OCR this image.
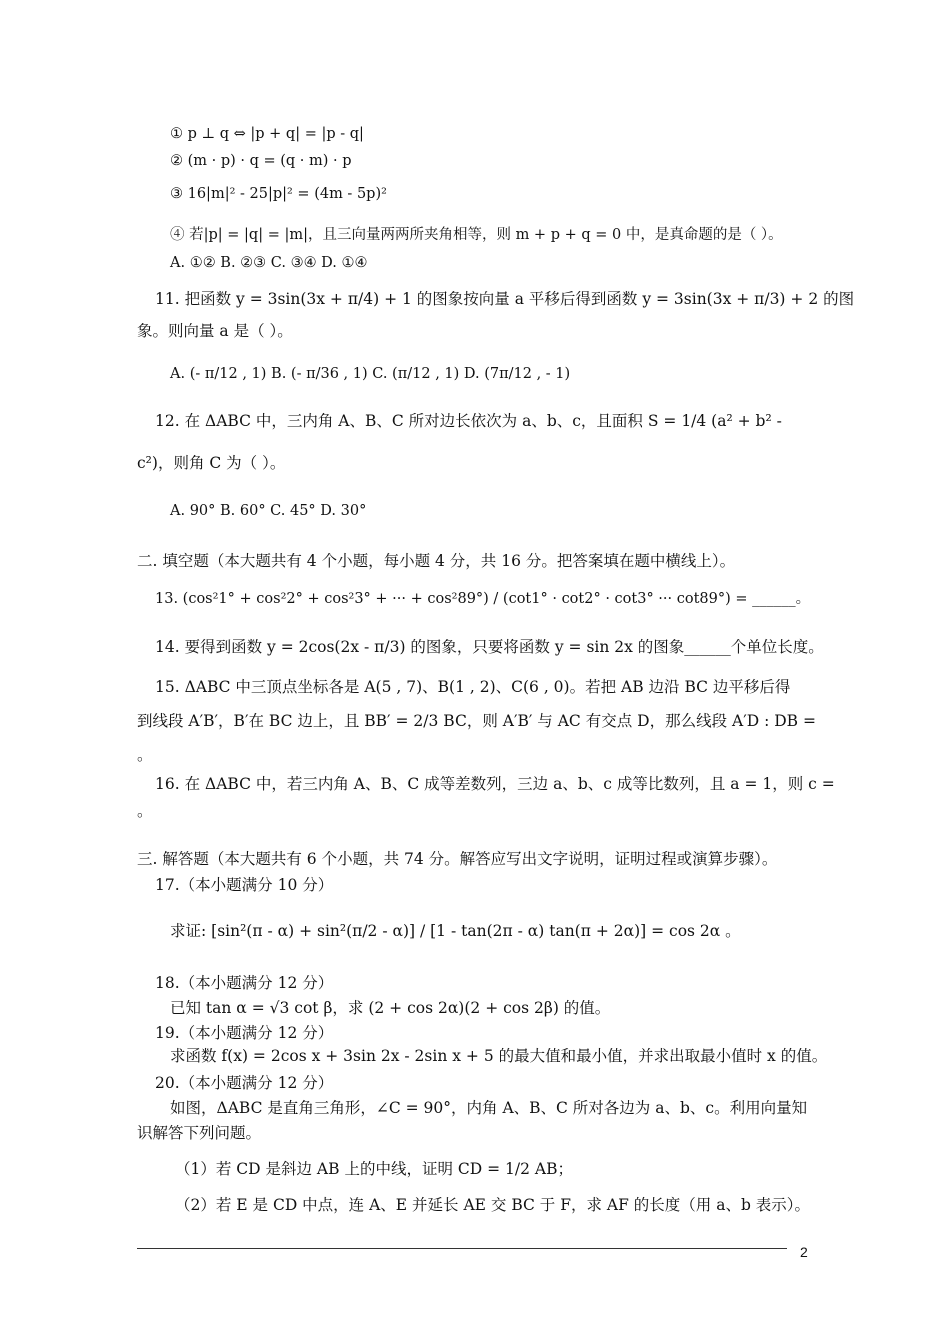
① p ⊥ q ⇔ |p + q| = |p - q|
② (m · p) · q = (q · m) · p
③ 16|m|² - 25|p|² = (4m - 5p)²
④ 若|p| = |q| = |m|，且三向量两两所夹角相等，则 m + p + q = 0 中，是真命题的是（ ）。
A. ①② B. ②③ C. ③④ D. ①④
11. 把函数 y = 3sin(3x + π/4) + 1 的图象按向量 a 平移后得到函数 y = 3sin(3x + π/3) + 2 的图
象。则向量 a 是（ ）。
A. (- π/12 , 1) B. (- π/36 , 1) C. (π/12 , 1) D. (7π/12 , - 1)
12. 在 ΔABC 中，三内角 A、B、C 所对边长依次为 a、b、c，且面积 S = 1/4 (a² + b² -
c²)，则角 C 为（ ）。
A. 90° B. 60° C. 45° D. 30°
二. 填空题（本大题共有 4 个小题，每小题 4 分，共 16 分。把答案填在题中横线上）。
13. (cos²1° + cos²2° + cos²3° + ··· + cos²89°) / (cot1° · cot2° · cot3° ··· cot89°) = ______。
14. 要得到函数 y = 2cos(2x - π/3) 的图象，只要将函数 y = sin 2x 的图象______个单位长度。
15. ΔABC 中三顶点坐标各是 A(5 , 7)、B(1 , 2)、C(6 , 0)。若把 AB 边沿 BC 边平移后得
到线段 A′B′，B′在 BC 边上，且 BB′ = 2/3 BC，则 A′B′ 与 AC 有交点 D，那么线段 A′D : DB =
。
16. 在 ΔABC 中，若三内角 A、B、C 成等差数列，三边 a、b、c 成等比数列，且 a = 1，则 c =
。
三. 解答题（本大题共有 6 个小题，共 74 分。解答应写出文字说明，证明过程或演算步骤）。
17.（本小题满分 10 分）
求证: [sin²(π - α) + sin²(π/2 - α)] / [1 - tan(2π - α) tan(π + 2α)] = cos 2α 。
18.（本小题满分 12 分）
已知 tan α = √3 cot β，求 (2 + cos 2α)(2 + cos 2β) 的值。
19.（本小题满分 12 分）
求函数 f(x) = 2cos x + 3sin 2x - 2sin x + 5 的最大值和最小值，并求出取最小值时 x 的值。
20.（本小题满分 12 分）
如图，ΔABC 是直角三角形，∠C = 90°，内角 A、B、C 所对各边为 a、b、c。利用向量知
识解答下列问题。
（1）若 CD 是斜边 AB 上的中线，证明 CD = 1/2 AB；
（2）若 E 是 CD 中点，连 A、E 并延长 AE 交 BC 于 F，求 AF 的长度（用 a、b 表示）。
2
